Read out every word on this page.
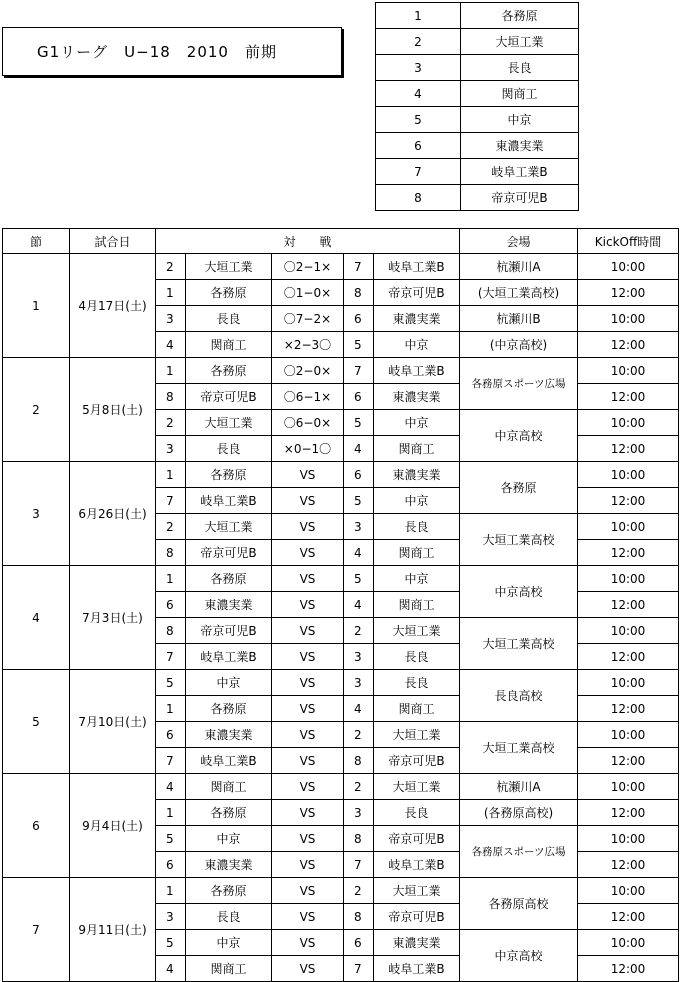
G1リーグ　U−18　2010　前期
1	各務原
2	大垣工業
3	長良
4	関商工
5	中京
6	東濃実業
7	岐阜工業B
8	帝京可児B
節	試合日	対　　戦					会場	KickOff時間
1	4月17日(土)	2	大垣工業	〇2−1×	7	岐阜工業B	杭瀬川A	10:00
		1	各務原	〇1−0×	8	帝京可児B	(大垣工業高校)	12:00
		3	長良	〇7−2×	6	東濃実業	杭瀬川B	10:00
		4	関商工	×2−3〇	5	中京	(中京高校)	12:00
2	5月8日(土)	1	各務原	〇2−0×	7	岐阜工業B	各務原スポーツ広場	10:00
		8	帝京可児B	〇6−1×	6	東濃実業		12:00
		2	大垣工業	〇6−0×	5	中京	中京高校	10:00
		3	長良	×0−1〇	4	関商工		12:00
3	6月26日(土)	1	各務原	VS	6	東濃実業	各務原	10:00
		7	岐阜工業B	VS	5	中京		12:00
		2	大垣工業	VS	3	長良	大垣工業高校	10:00
		8	帝京可児B	VS	4	関商工		12:00
4	7月3日(土)	1	各務原	VS	5	中京	中京高校	10:00
		6	東濃実業	VS	4	関商工		12:00
		8	帝京可児B	VS	2	大垣工業	大垣工業高校	10:00
		7	岐阜工業B	VS	3	長良		12:00
5	7月10日(土)	5	中京	VS	3	長良	長良高校	10:00
		1	各務原	VS	4	関商工		12:00
		6	東濃実業	VS	2	大垣工業	大垣工業高校	10:00
		7	岐阜工業B	VS	8	帝京可児B		12:00
6	9月4日(土)	4	関商工	VS	2	大垣工業	杭瀬川A	10:00
		1	各務原	VS	3	長良	(各務原高校)	12:00
		5	中京	VS	8	帝京可児B	各務原スポーツ広場	10:00
		6	東濃実業	VS	7	岐阜工業B		12:00
7	9月11日(土)	1	各務原	VS	2	大垣工業	各務原高校	10:00
		3	長良	VS	8	帝京可児B		12:00
		5	中京	VS	6	東濃実業	中京高校	10:00
		4	関商工	VS	7	岐阜工業B		12:00
